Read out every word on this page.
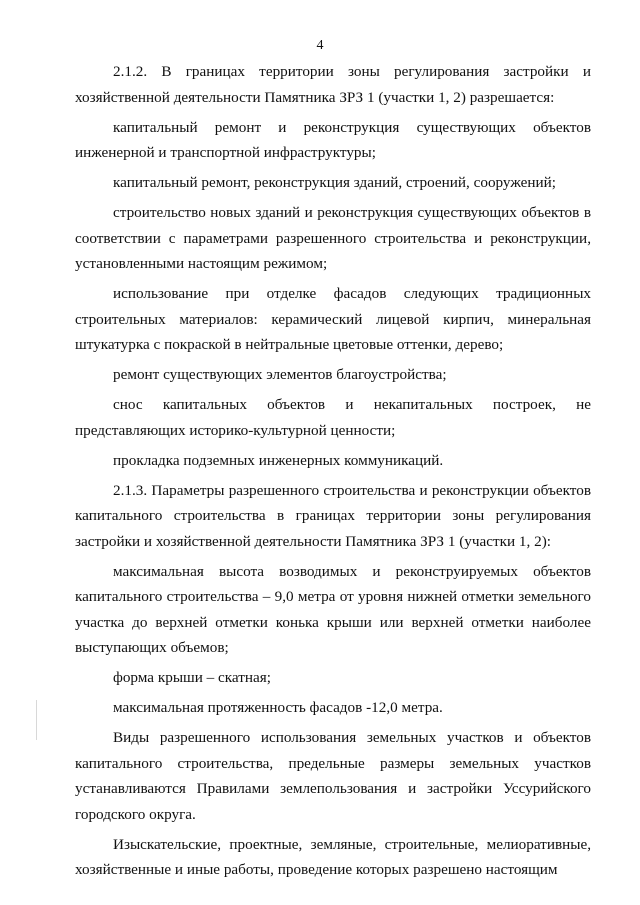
4

2.1.2. В границах территории зоны регулирования застройки и хозяйственной деятельности Памятника ЗРЗ 1 (участки 1, 2) разрешается:

капитальный ремонт и реконструкция существующих объектов инженерной и транспортной инфраструктуры;

капитальный ремонт, реконструкция зданий, строений, сооружений;

строительство новых зданий и реконструкция существующих объектов в соответствии с параметрами разрешенного строительства и реконструкции, установленными настоящим режимом;

использование при отделке фасадов следующих традиционных строительных материалов: керамический лицевой кирпич, минеральная штукатурка с покраской в нейтральные цветовые оттенки, дерево;

ремонт существующих элементов благоустройства;

снос капитальных объектов и некапитальных построек, не представляющих историко-культурной ценности;

прокладка подземных инженерных коммуникаций.

2.1.3. Параметры разрешенного строительства и реконструкции объектов капитального строительства в границах территории зоны регулирования застройки и хозяйственной деятельности Памятника ЗРЗ 1 (участки 1, 2):

максимальная высота возводимых и реконструируемых объектов капитального строительства – 9,0 метра от уровня нижней отметки земельного участка до верхней отметки конька крыши или верхней отметки наиболее выступающих объемов;

форма крыши – скатная;

максимальная протяженность фасадов -12,0 метра.

Виды разрешенного использования земельных участков и объектов капитального строительства, предельные размеры земельных участков устанавливаются Правилами землепользования и застройки Уссурийского городского округа.

Изыскательские, проектные, земляные, строительные, мелиоративные, хозяйственные и иные работы, проведение которых разрешено настоящим
